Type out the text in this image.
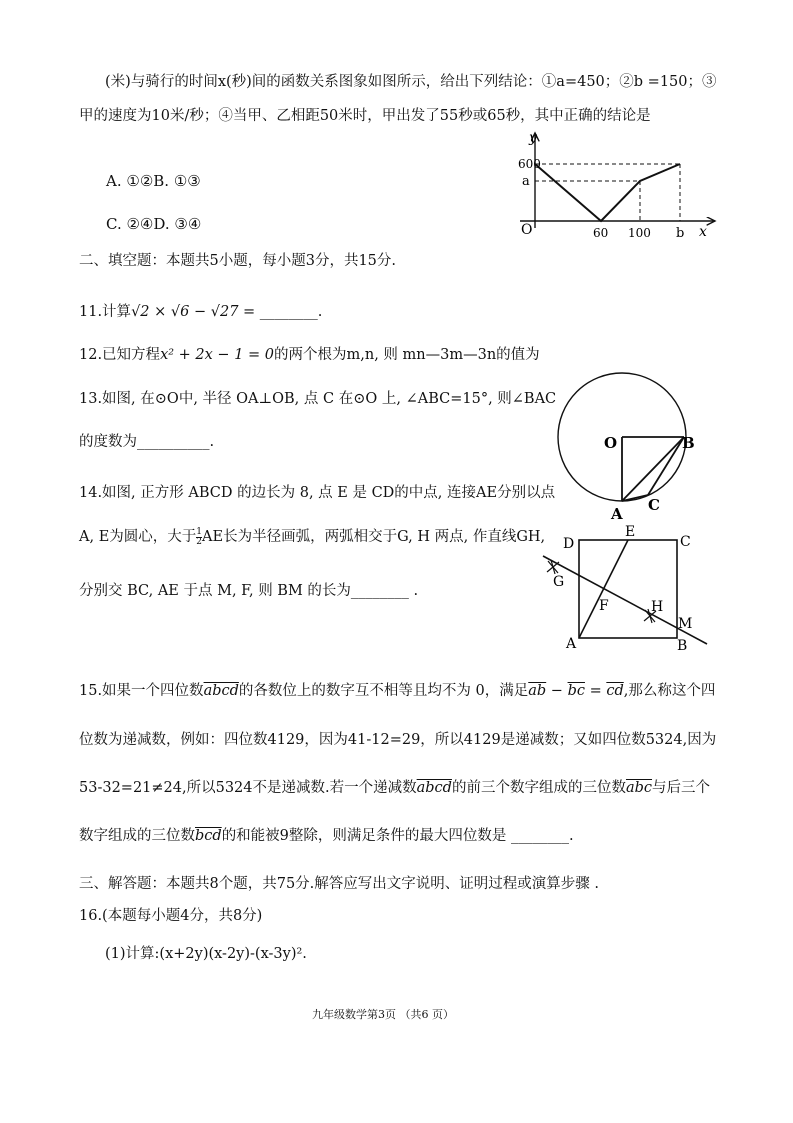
(米)与骑行的时间x(秒)间的函数关系图象如图所示，给出下列结论：①a=450；②b =150；③
甲的速度为10米/秒；④当甲、乙相距50米时，甲出发了55秒或65秒，其中正确的结论是
A. ①②B. ①③
C. ②④D. ③④
y
600
a
O	60 100 b x
二、填空题：本题共5小题，每小题3分，共15分.
11.计算√2 × √6 − √27 = ________.
12.已知方程x² + 2x − 1 = 0的两个根为m,n, 则 mn—3m—3n的值为
13.如图, 在⊙O中, 半径 OA⊥OB, 点 C 在⊙O 上, ∠ABC=15°, 则∠BAC
的度数为__________.	O	B
A C
14.如图, 正方形 ABCD 的边长为 8, 点 E 是 CD的中点, 连接AE分别以点
A, E为圆心，大于 $\frac{1}{2}$ AE长为半径画弧，两弧相交于G, H 两点, 作直线GH,
分别交 BC, AE 于点 M, F, 则 BM 的长为________ .
D
E
C
G
F	H
M
A	B
15.如果一个四位数abcd的各数位上的数字互不相等且均不为 0，满足$\overline{ab} - \overline{bc} = \overline{cd}$,那么称这个四
位数为递减数，例如：四位数4129，因为41-12=29，所以4129是递减数；又如四位数5324,因为
53-32=21≠24,所以5324不是递减数.若一个递减数abcd的前三个数字组成的三位数$\overline{abc}$与后三个
数字组成的三位数$\overline{bcd}$的和能被9整除，则满足条件的最大四位数是 ________.
三、解答题：本题共8个题，共75分.解答应写出文字说明、证明过程或演算步骤 .
16.(本题每小题4分，共8分)
(1)计算:(x+2y)(x-2y)-(x-3y)².
九年级数学第3页 （共6 页）
